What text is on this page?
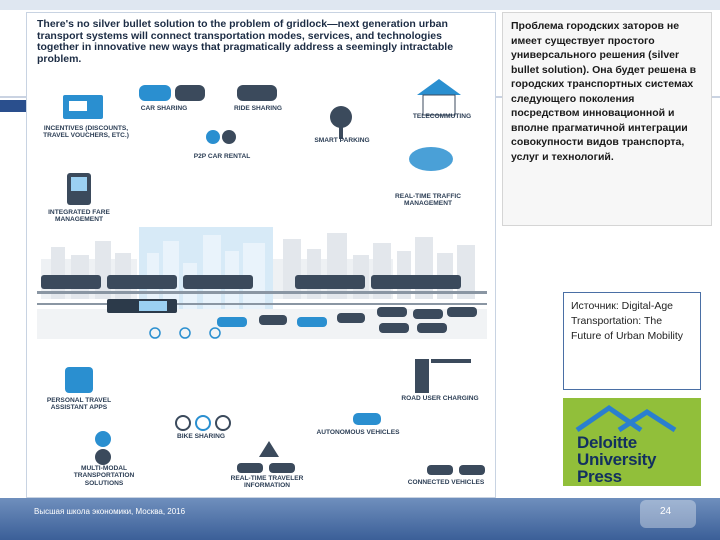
There's no silver bullet solution to the problem of gridlock—next generation urban transport systems will connect transportation modes, services, and technologies together in innovative new ways that pragmatically address a seemingly intractable problem.
CAR SHARING	RIDE SHARING
TELECOMMUTING
INCENTIVES (DISCOUNTS, TRAVEL VOUCHERS, ETC.)
P2P CAR RENTAL
SMART PARKING
REAL-TIME TRAFFIC MANAGEMENT
INTEGRATED FARE MANAGEMENT
PERSONAL TRAVEL ASSISTANT APPS
ROAD USER CHARGING
BIKE SHARING
AUTONOMOUS VEHICLES
MULTI-MODAL TRANSPORTATION SOLUTIONS
REAL-TIME TRAVELER INFORMATION	CONNECTED VEHICLES
Проблема городских заторов не имеет существует простого универсального решения (silver bullet solution). Она будет решена в городских транспортных системах следующего поколения посредством инновационной и вполне прагматичной интеграции совокупности видов транспорта, услуг и технологий.
Источник: Digital-Age Transportation: The Future of Urban Mobility
Deloitte
University
Press
Высшая школа экономики, Москва, 2016	24
